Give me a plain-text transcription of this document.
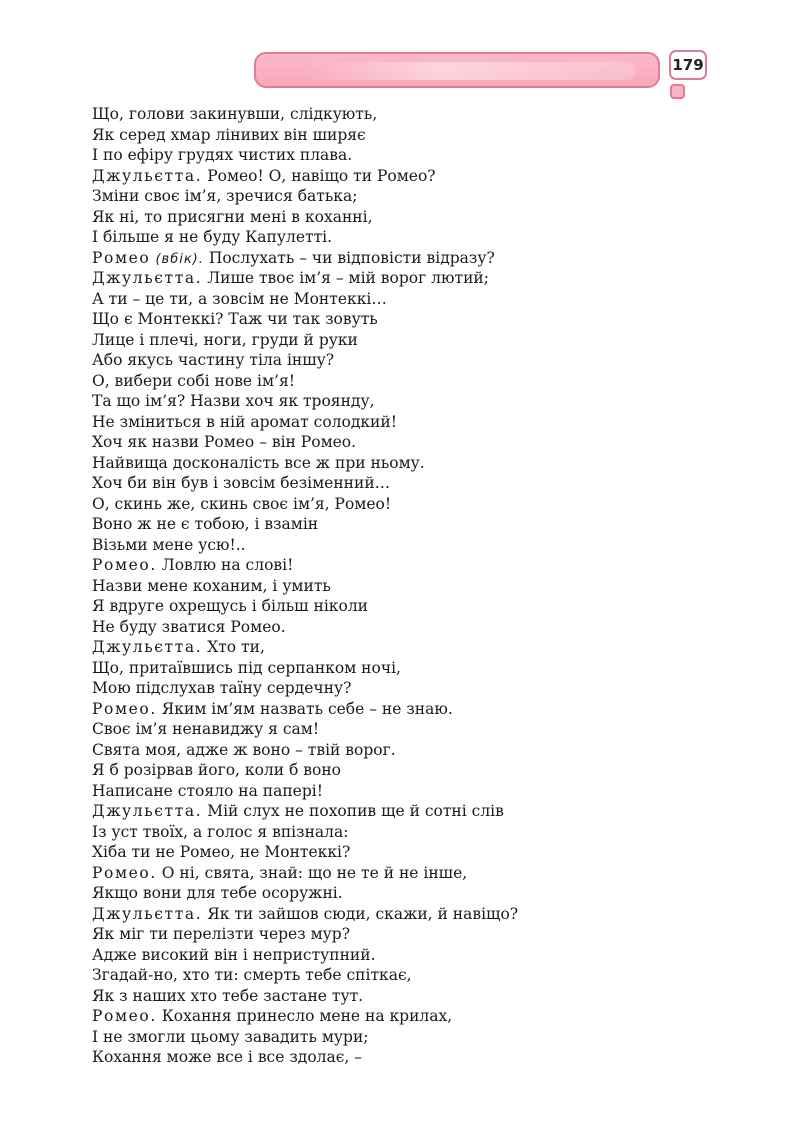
179
Що, голови закинувши, слідкують,
Як серед хмар лінивих він ширяє
І по ефіру грудях чистих плава.
Джульєтта. Ромео! О, навіщо ти Ромео?
Зміни своє ім’я, зречися батька;
Як ні, то присягни мені в коханні,
І більше я не буду Капулетті.
Ромео (вбік). Послухать – чи відповісти відразу?
Джульєтта. Лише твоє ім’я – мій ворог лютий;
А ти – це ти, а зовсім не Монтеккі…
Що є Монтеккі? Таж чи так зовуть
Лице і плечі, ноги, груди й руки
Або якусь частину тіла іншу?
О, вибери собі нове ім’я!
Та що ім’я? Назви хоч як троянду,
Не зміниться в ній аромат солодкий!
Хоч як назви Ромео – він Ромео.
Найвища досконалість все ж при ньому.
Хоч би він був і зовсім безіменний…
О, скинь же, скинь своє ім’я, Ромео!
Воно ж не є тобою, і взамін
Візьми мене усю!..
Ромео. Ловлю на слові!
Назви мене коханим, і умить
Я вдруге охрещусь і більш ніколи
Не буду зватися Ромео.
Джульєтта. Хто ти,
Що, притаївшись під серпанком ночі,
Мою підслухав таїну сердечну?
Ромео. Яким ім’ям назвать себе – не знаю.
Своє ім’я ненавиджу я сам!
Свята моя, адже ж воно – твій ворог.
Я б розірвав його, коли б воно
Написане стояло на папері!
Джульєтта. Мій слух не похопив ще й сотні слів
Із уст твоїх, а голос я впізнала:
Хіба ти не Ромео, не Монтеккі?
Ромео. О ні, свята, знай: що не те й не інше,
Якщо вони для тебе осоружні.
Джульєтта. Як ти зайшов сюди, скажи, й навіщо?
Як міг ти перелізти через мур?
Адже високий він і неприступний.
Згадай-но, хто ти: смерть тебе спіткає,
Як з наших хто тебе застане тут.
Ромео. Кохання принесло мене на крилах,
І не змогли цьому завадить мури;
Кохання може все і все здолає, –
